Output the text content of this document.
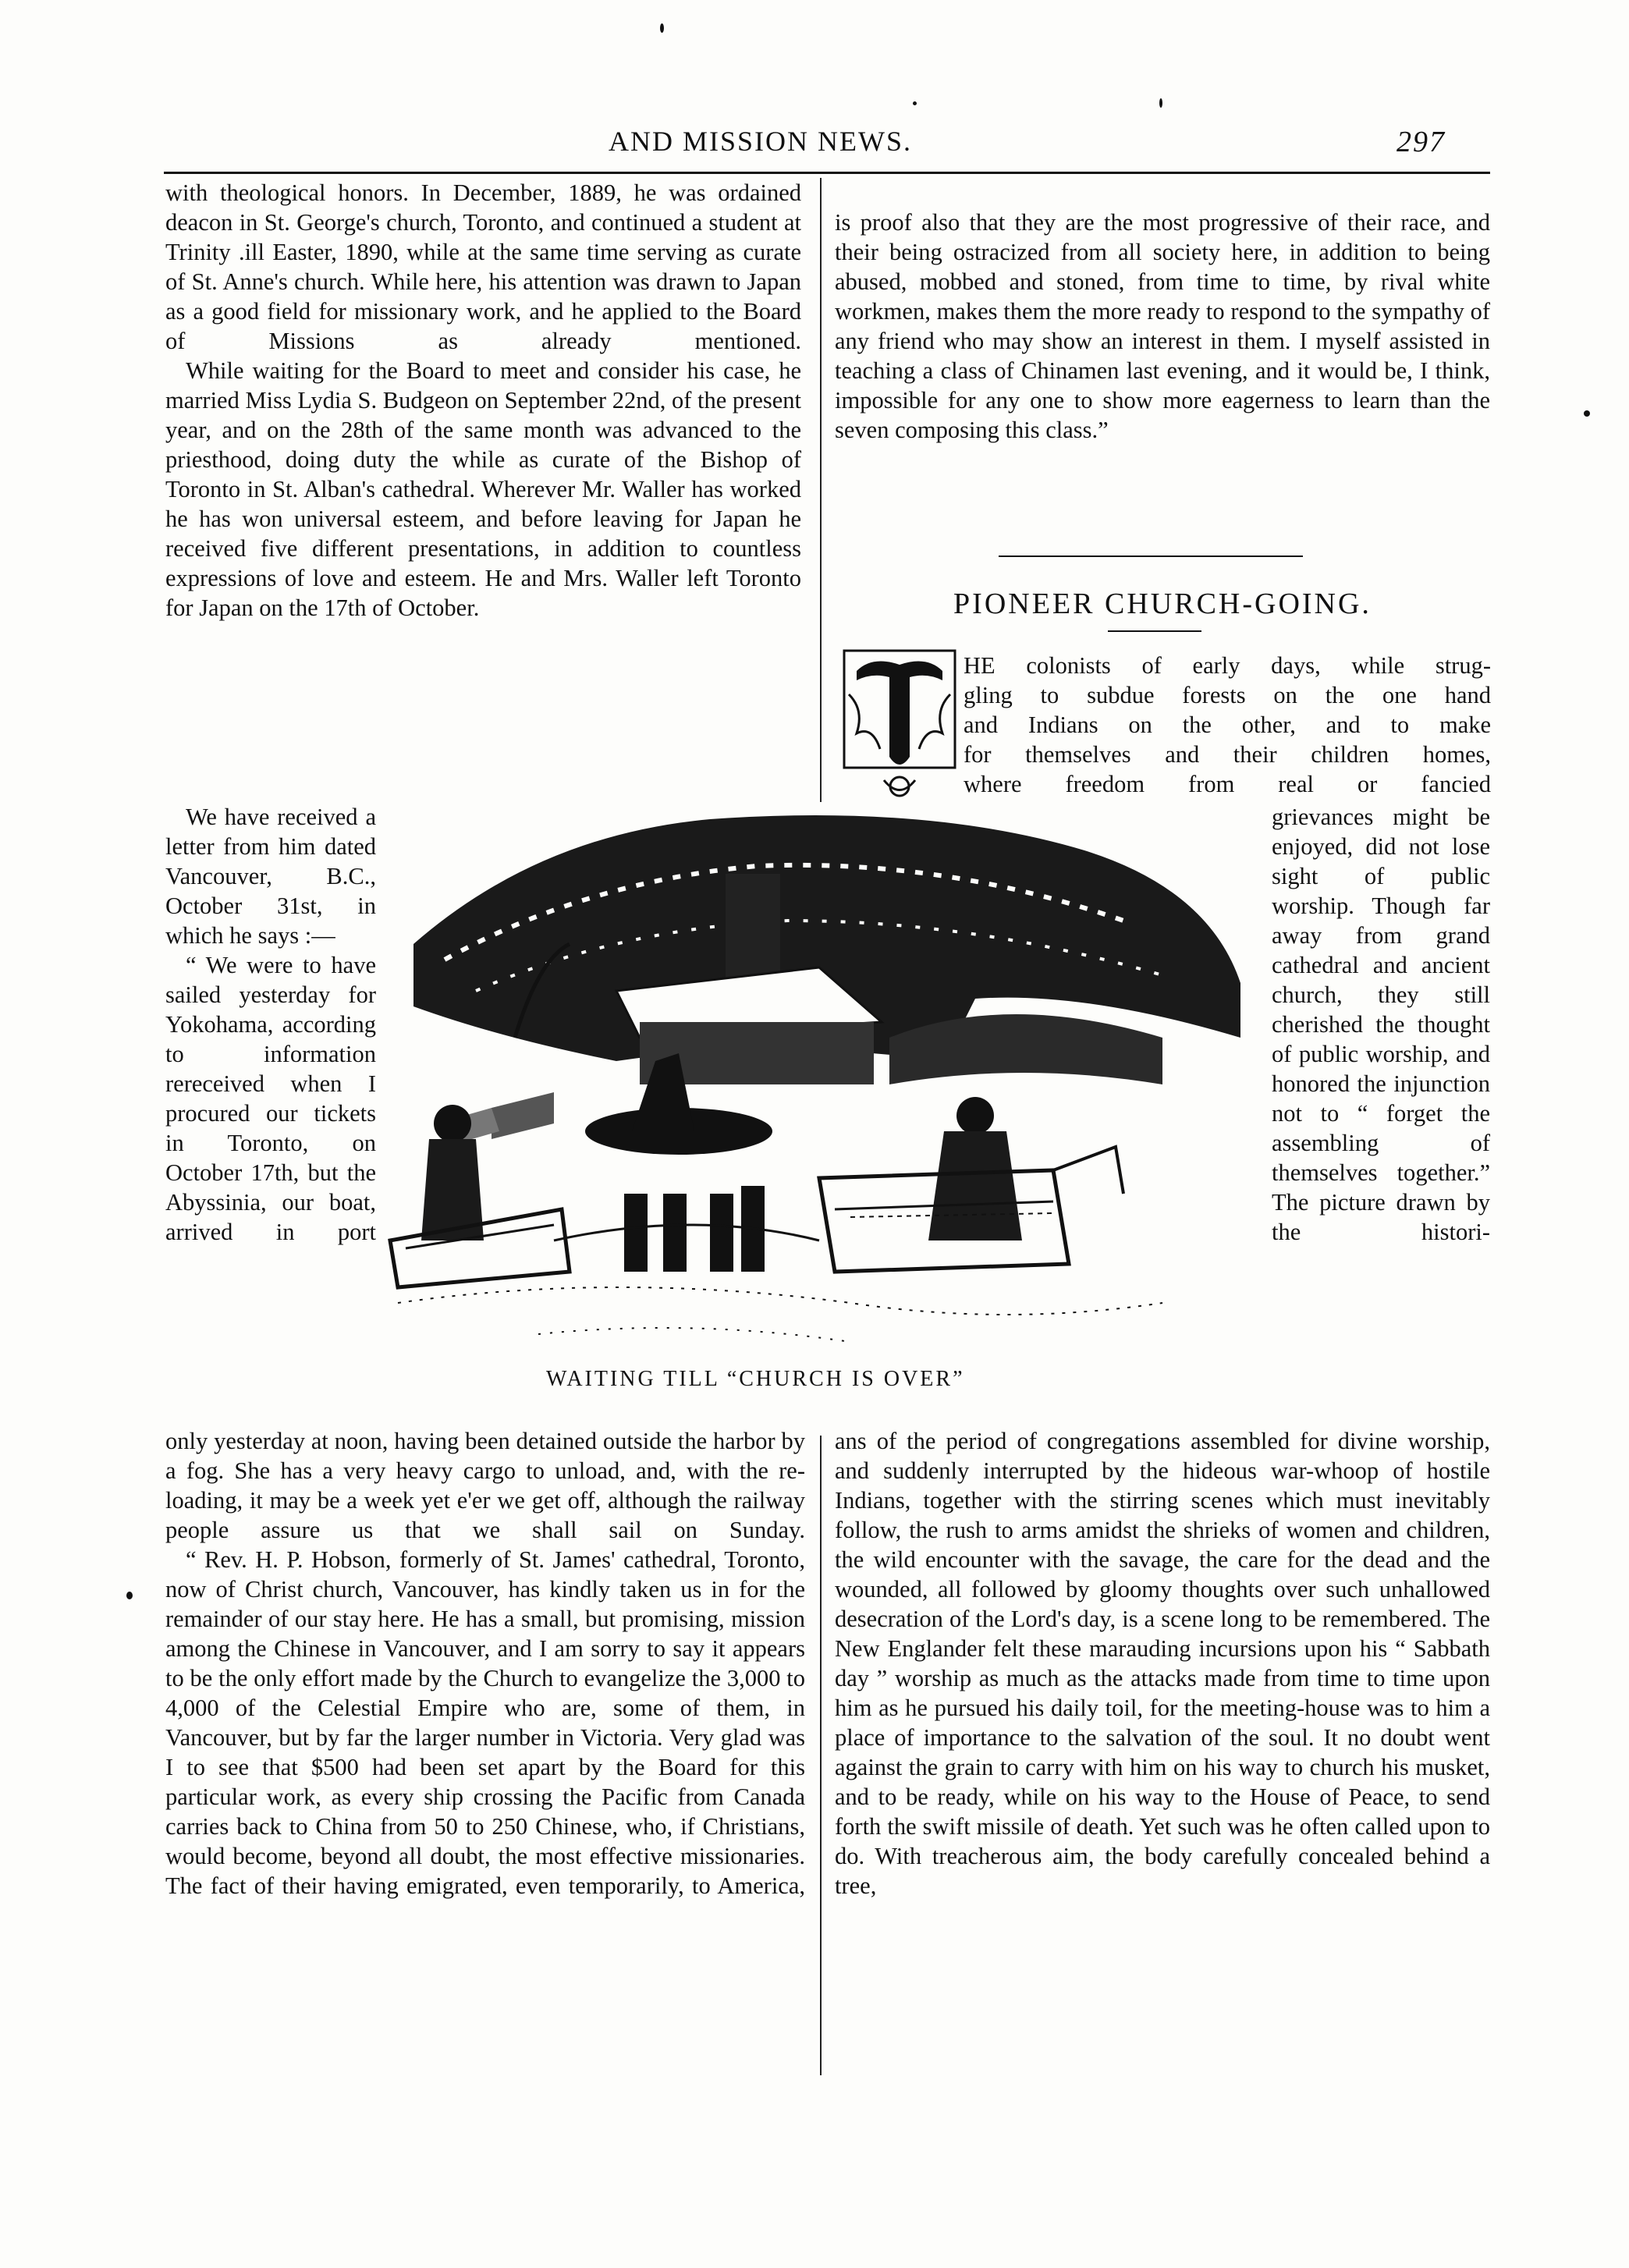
AND MISSION NEWS.	297

with theological honors. In December, 1889, he was ordained deacon in St. George's church, Toronto, and continued a student at Trinity .ill Easter, 1890, while at the same time serving as curate of St. Anne's church. While here, his attention was drawn to Japan as a good field for missionary work, and he applied to the Board of Missions as already mentioned.

While waiting for the Board to meet and consider his case, he married Miss Lydia S. Budgeon on September 22nd, of the present year, and on the 28th of the same month was advanced to the priesthood, doing duty the while as curate of the Bishop of Toronto in St. Alban's cathedral. Wherever Mr. Waller has worked he has won universal esteem, and before leaving for Japan he received five different presentations, in addition to countless expressions of love and esteem. He and Mrs. Waller left Toronto for Japan on the 17th of October.

We have received a letter from him dated Vancouver, B.C., October 31st, in which he says :—

“ We were to have sailed yesterday for Yokohama, according to information rereceived when I procured our tickets in Toronto, on October 17th, but the Abyssinia, our boat, arrived in port

only yesterday at noon, having been detained outside the harbor by a fog. She has a very heavy cargo to unload, and, with the re-loading, it may be a week yet e'er we get off, although the railway people assure us that we shall sail on Sunday.

“ Rev. H. P. Hobson, formerly of St. James' cathedral, Toronto, now of Christ church, Vancouver, has kindly taken us in for the remainder of our stay here. He has a small, but promising, mission among the Chinese in Vancouver, and I am sorry to say it appears to be the only effort made by the Church to evangelize the 3,000 to 4,000 of the Celestial Empire who are, some of them, in Vancouver, but by far the larger number in Victoria. Very glad was I to see that $500 had been set apart by the Board for this particular work, as every ship crossing the Pacific from Canada carries back to China from 50 to 250 Chinese, who, if Christians, would become, beyond all doubt, the most effective missionaries. The fact of their having emigrated, even temporarily, to America,

is proof also that they are the most progressive of their race, and their being ostracized from all society here, in addition to being abused, mobbed and stoned, from time to time, by rival white workmen, makes them the more ready to respond to the sympathy of any friend who may show an interest in them. I myself assisted in teaching a class of Chinamen last evening, and it would be, I think, impossible for any one to show more eagerness to learn than the seven composing this class.”

PIONEER CHURCH-GOING.
HE colonists of early days, while strug-
gling to subdue forests on the one hand
and Indians on the other, and to make
for themselves and their children homes,
where freedom from real or fancied

grievances might be enjoyed, did not lose sight of public worship. Though far away from grand cathedral and ancient church, they still cherished the thought of public worship, and honored the injunction not to “ forget the assembling of themselves together.” The picture drawn by the histori-

ans of the period of congregations assembled for divine worship, and suddenly interrupted by the hideous war-whoop of hostile Indians, together with the stirring scenes which must inevitably follow, the rush to arms amidst the shrieks of women and children, the wild encounter with the savage, the care for the dead and the wounded, all followed by gloomy thoughts over such unhallowed desecration of the Lord's day, is a scene long to be remembered. The New Englander felt these marauding incursions upon his “ Sabbath day ” worship as much as the attacks made from time to time upon him as he pursued his daily toil, for the meeting-house was to him a place of importance to the salvation of the soul. It no doubt went against the grain to carry with him on his way to church his musket, and to be ready, while on his way to the House of Peace, to send forth the swift missile of death. Yet such was he often called upon to do. With treacherous aim, the body carefully concealed behind a tree,

WAITING TILL “CHURCH IS OVER”
